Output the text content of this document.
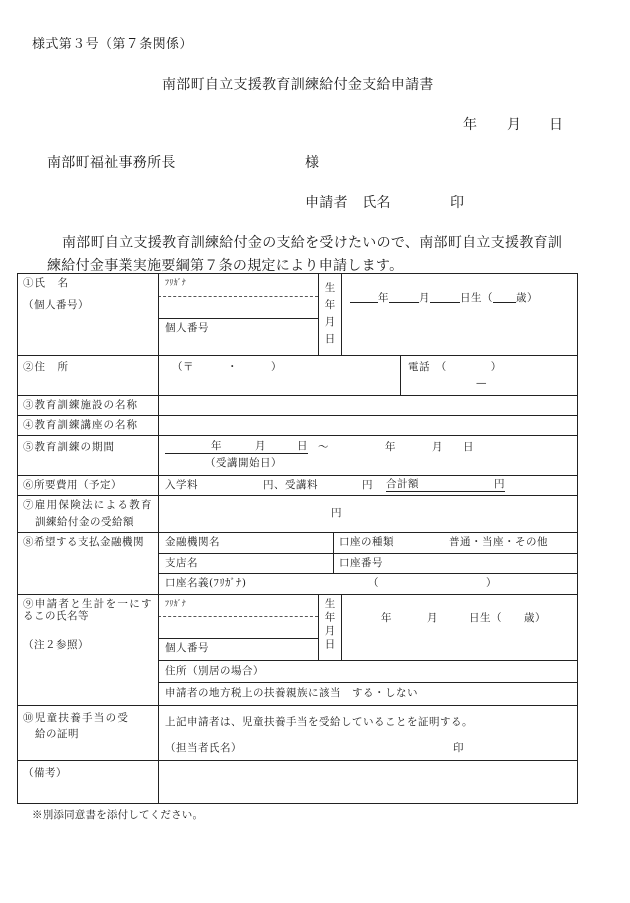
様式第３号（第７条関係）
南部町自立支援教育訓練給付金支給申請書
年 月 日
南部町福祉事務所長	様
申請者　氏名	印
南部町自立支援教育訓練給付金の支給を受けたいので、南部町自立支援教育訓
練給付金事業実施要綱第７条の規定により申請します。
①氏　名
（個人番号）
ﾌﾘｶﾞﾅ
個人番号	生年月日	年	月	日生（ 歳）
②住　所	（〒　　　・　　　）	電話　（　　　　）
—
③教育訓練施設の名称
④教育訓練講座の名称
⑤教育訓練の期間	年	月	日 〜	年	月 日
（受講開始日）
⑥所要費用（予定）	入学料	円、受講料	円 合計額	円
⑦雇用保険法による教育
訓練給付金の受給額
円
⑧希望する支払金融機関 金融機関名	口座の種類	普通・当座・その他
支店名	口座番号
口座名義(ﾌﾘｶﾞﾅ)	（	）
⑨申請者と生計を一にす
るこの氏名等
（注２参照）
ﾌﾘｶﾞﾅ
個人番号	生年月日	年	月	日生（ 歳）
住所（別居の場合）
申請者の地方税上の扶養親族に該当　する・しない
⑩児童扶養手当の受
給の証明
上記申請者は、児童扶養手当を受給していることを証明する。
（担当者氏名）	印
（備考）
※別添同意書を添付してください。
